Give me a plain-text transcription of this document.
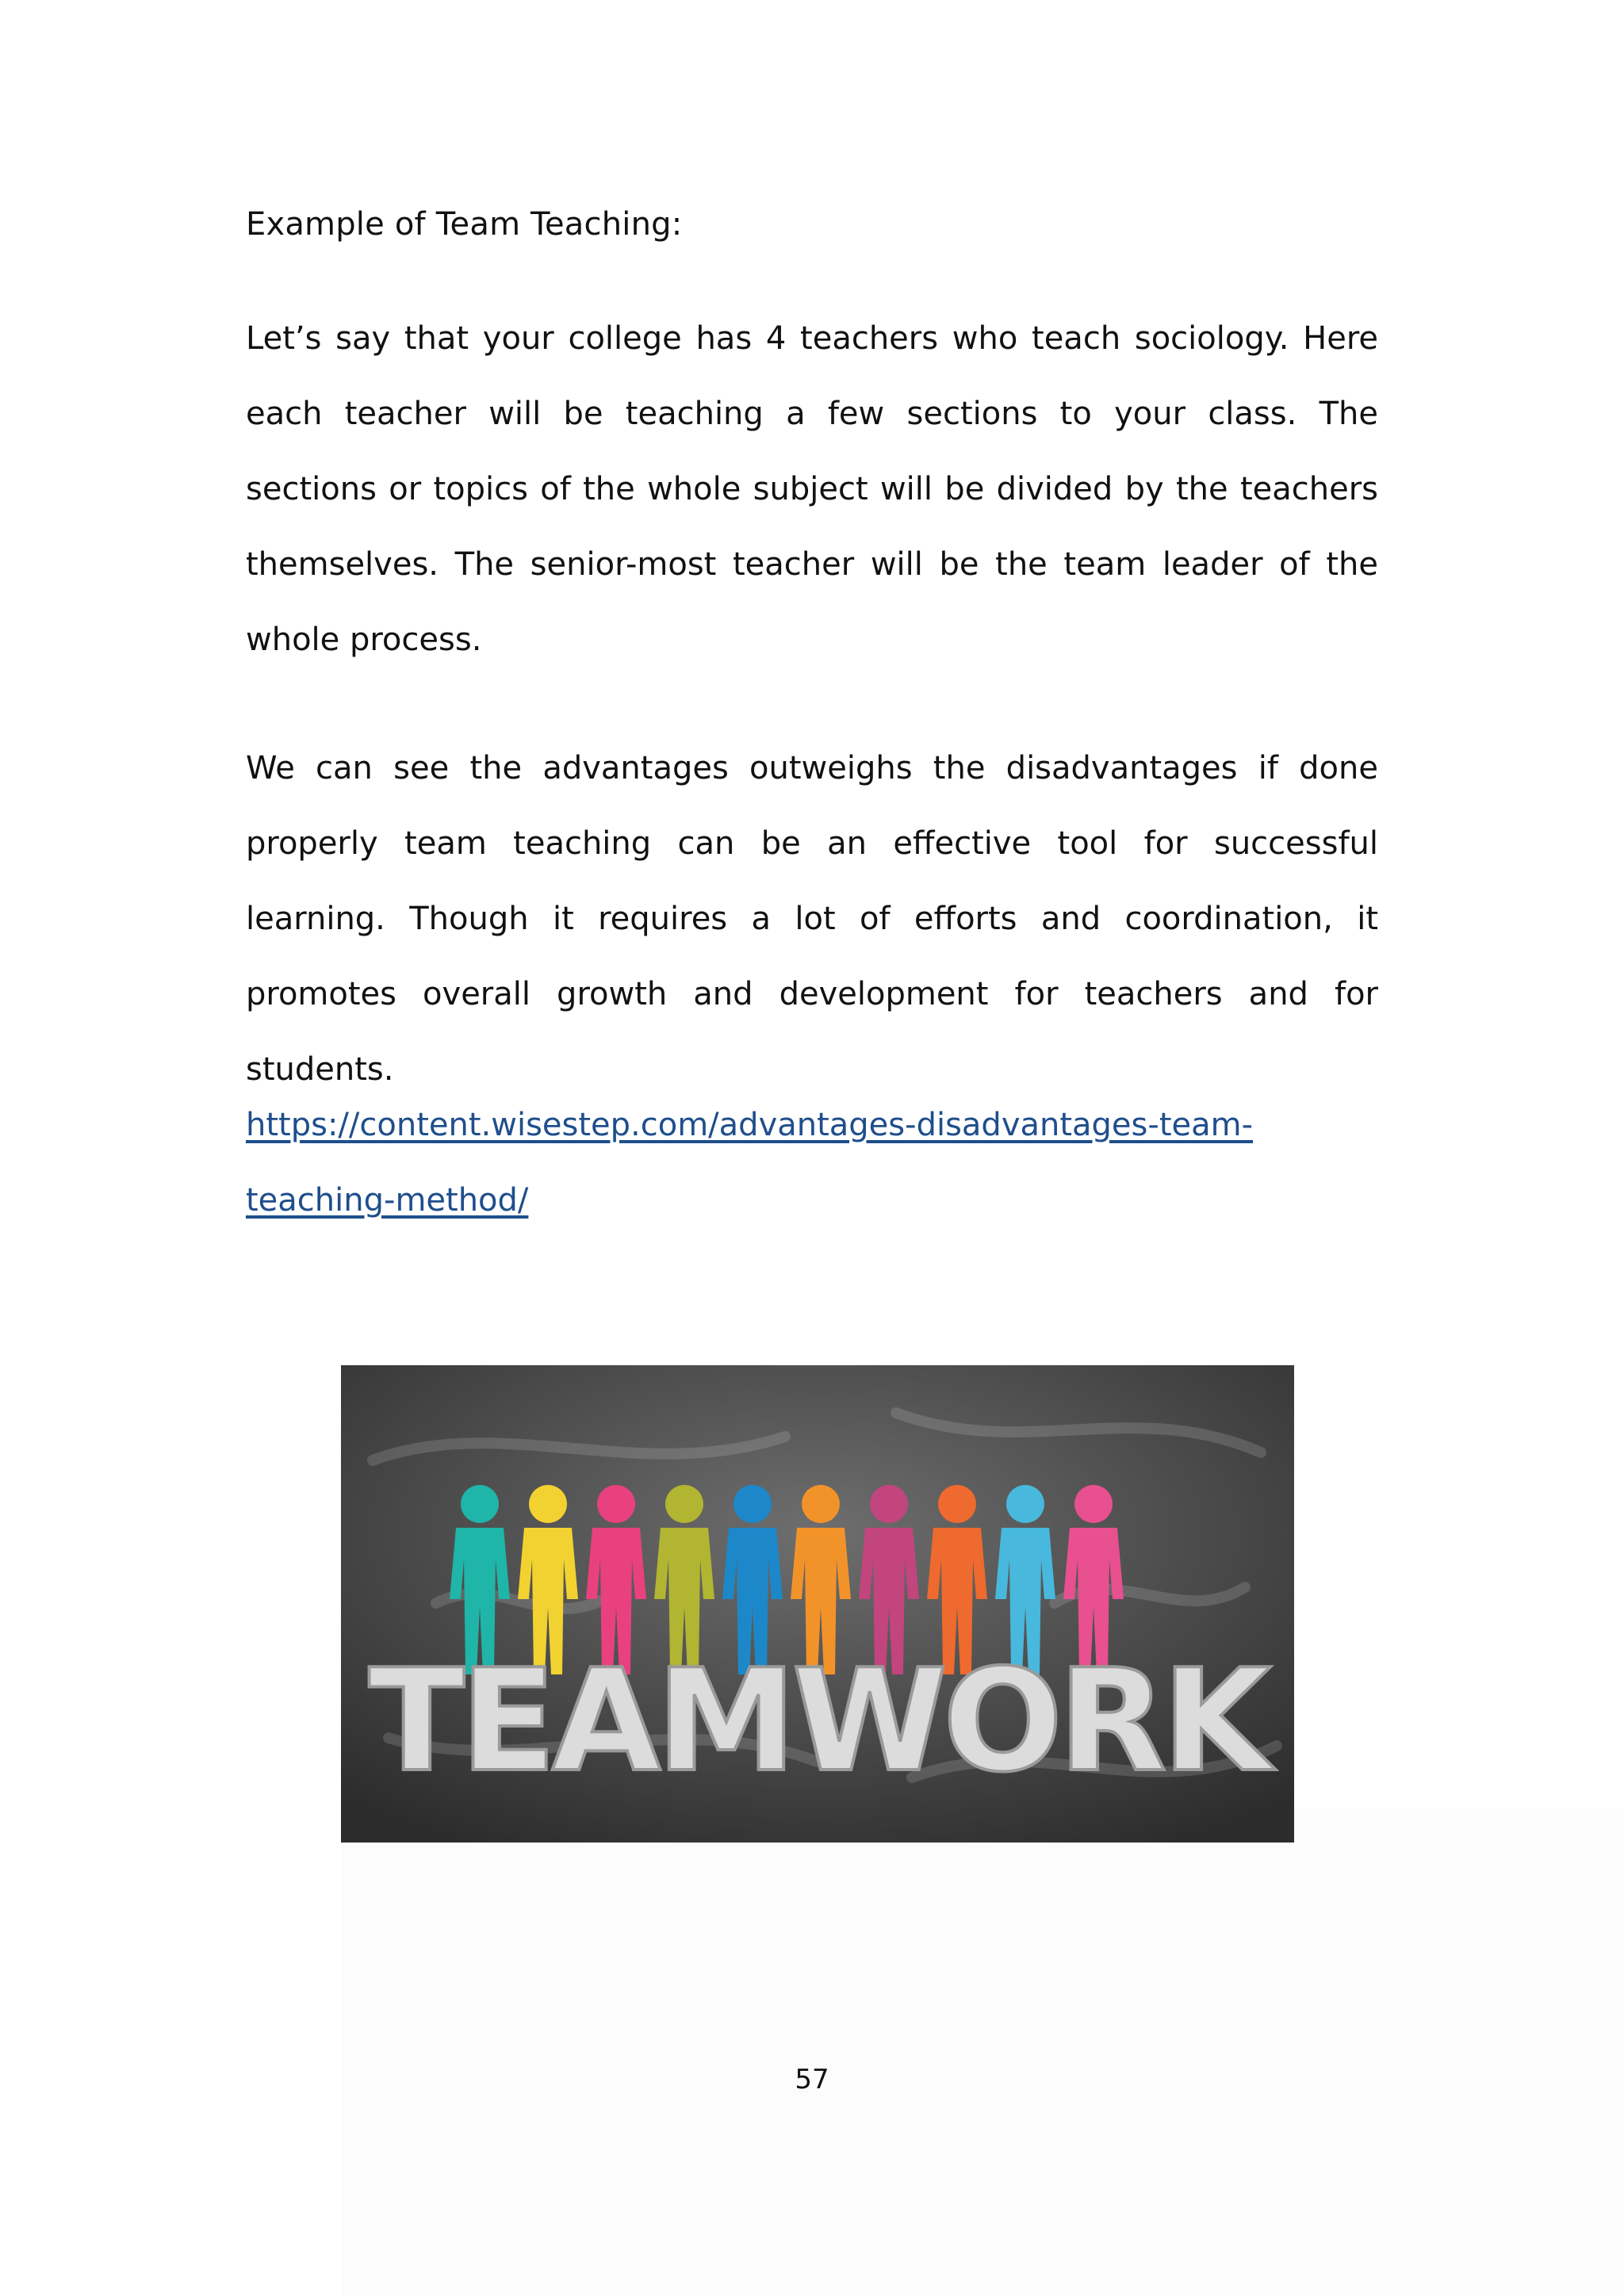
Example of Team Teaching:

Let’s say that your college has 4 teachers who teach sociology. Here each teacher will be teaching a few sections to your class. The sections or topics of the whole subject will be divided by the teachers themselves. The senior-most teacher will be the team leader of the whole process.

We can see the advantages outweighs the disadvantages if done properly team teaching can be an effective tool for successful learning. Though it requires a lot of efforts and coordination, it promotes overall growth and development for teachers and for students.

https://content.wisestep.com/advantages-disadvantages-team-
teaching-method/
TEAMWORK
57
